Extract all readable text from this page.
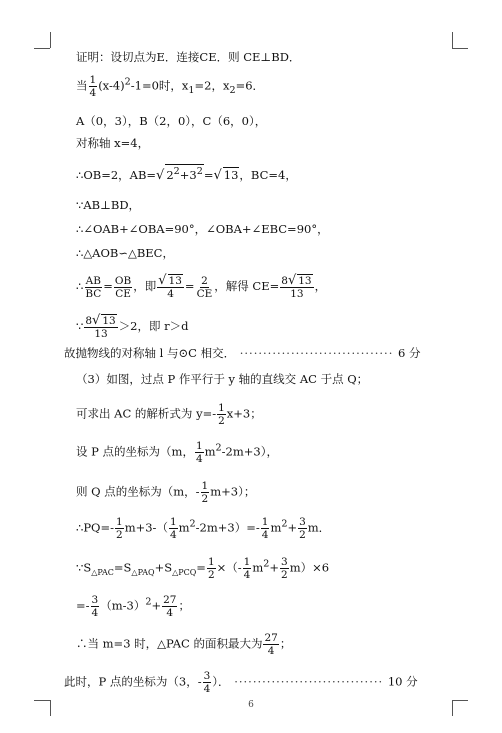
证明：设切点为E．连接CE．则 CE⊥BD．
当 $\frac{1}{4} (x-4)^2-1=0$时，$x_1=2$，$x_2=6$．
A（0，3），B（2，0），C（6，0），
对称轴 x=4，
∴OB=2，AB=√ $2^2+3^2=√$ 13，BC=4，
∵AB⊥BD，
∴∠OAB+∠OBA=90°，∠OBA+∠EBC=90°，
∴△AOB∽△BEC，
∴ $\frac{AB}{BC} = \frac{OB}{CE}$ ，即 $\frac{√ 13}{4} = \frac{2}{CE}$ ，解得 $CE= \frac{8√ 13}{13}$ ，
∵ $\frac{8√ 13}{13} >2$，即 r＞d
故抛物线的对称轴 l 与⊙C 相交． ································· 6 分
（3）如图，过点 P 作平行于 y 轴的直线交 AC 于点 Q；
可求出 AC 的解析式为 $y=- \frac{1}{2} x+3$；
设 P 点的坐标为（m， $\frac{1}{4} m^2-2m+3$），
则 Q 点的坐标为（m，- $\frac{1}{2} m+3$）；
∴PQ=- $\frac{1}{2} m+3-( \frac{1}{4} m^2-2m+3)=- \frac{1}{4} m^2+ \frac{3}{2}$ m．
$\because S_{\triangle PAC}=S_{\triangle PAQ}+S_{\triangle PCQ}= \frac{1}{2}$ ×（- $\frac{1}{4} m^2+ \frac{3}{2} m)\times 6$
=- $\frac{3}{4} (m-3)^2+ \frac{27}{4}$ ；
∴当 m=3 时，△PAC 的面积最大为 $\frac{27}{4}$ ；
此时，P 点的坐标为（3，- $\frac{3}{4}$ ）． ································ 10 分
6
